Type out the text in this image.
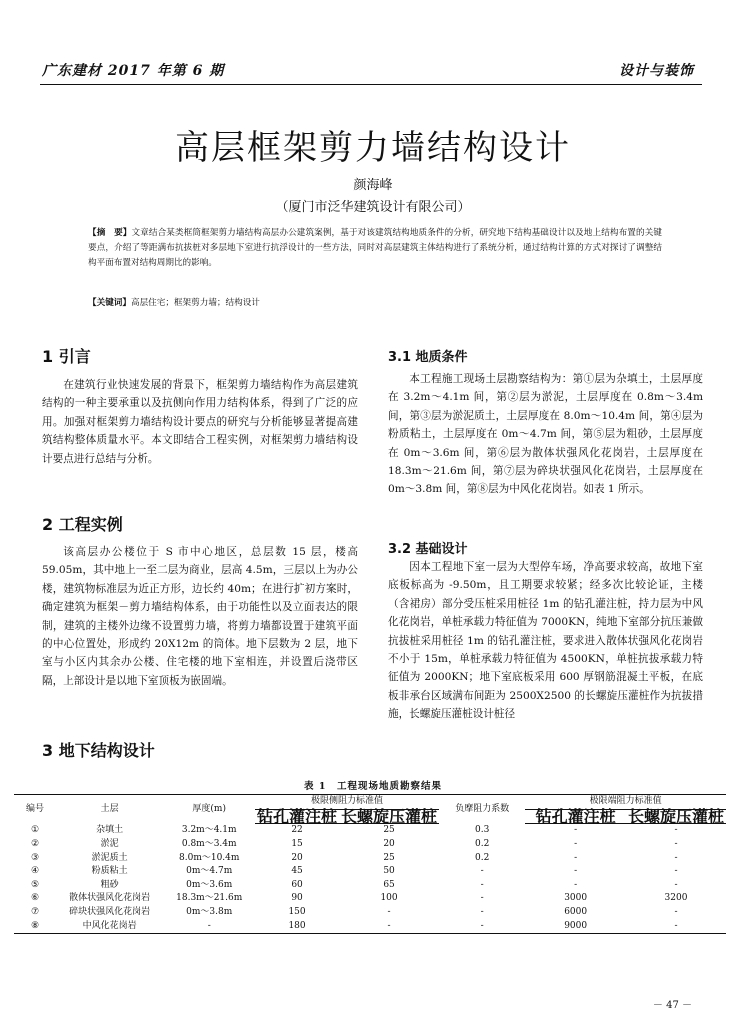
广东建材 2017 年第 6 期	设计与装饰
高层框架剪力墙结构设计
颜海峰
（厦门市泛华建筑设计有限公司）
【摘　要】文章结合某类框筒框架剪力墙结构高层办公建筑案例，基于对该建筑结构地质条件的分析，研究地下结构基础设计以及地上结构布置的关键要点，介绍了等距满布抗拔桩对多层地下室进行抗浮设计的一些方法，同时对高层建筑主体结构进行了系统分析，通过结构计算的方式对探讨了调整结构平面布置对结构周期比的影响。
【关键词】高层住宅；框架剪力墙；结构设计
1 引言

在建筑行业快速发展的背景下，框架剪力墙结构作为高层建筑结构的一种主要承重以及抗侧向作用力结构体系，得到了广泛的应用。加强对框架剪力墙结构设计要点的研究与分析能够显著提高建筑结构整体质量水平。本文即结合工程实例，对框架剪力墙结构设计要点进行总结与分析。

2 工程实例

该高层办公楼位于 S 市中心地区，总层数 15 层，楼高 59.05m，其中地上一至二层为商业，层高 4.5m，三层以上为办公楼，建筑物标准层为近正方形，边长约 40m；在进行扩初方案时，确定建筑为框架－剪力墙结构体系，由于功能性以及立面表达的限制，建筑的主楼外边缘不设置剪力墙，将剪力墙都设置于建筑平面的中心位置处，形成约 20X12m 的筒体。地下层数为 2 层，地下室与小区内其余办公楼、住宅楼的地下室相连，并设置后浇带区隔，上部设计是以地下室顶板为嵌固端。

3 地下结构设计
3.1 地质条件

本工程施工现场土层勘察结构为：第①层为杂填土，土层厚度在 3.2m～4.1m 间，第②层为淤泥，土层厚度在 0.8m～3.4m 间，第③层为淤泥质土，土层厚度在 8.0m～10.4m 间，第④层为粉质粘土，土层厚度在 0m～4.7m 间，第⑤层为粗砂，土层厚度在 0m～3.6m 间，第⑥层为散体状强风化花岗岩，土层厚度在 18.3m～21.6m 间，第⑦层为碎块状强风化花岗岩，土层厚度在 0m～3.8m 间，第⑧层为中风化花岗岩。如表 1 所示。

3.2 基础设计

因本工程地下室一层为大型停车场，净高要求较高，故地下室底板标高为 -9.50m，且工期要求较紧；经多次比较论证，主楼（含裙房）部分受压桩采用桩径 1m 的钻孔灌注桩，持力层为中风化花岗岩，单桩承载力特征值为 7000KN，纯地下室部分抗压兼做抗拔桩采用桩径 1m 的钻孔灌注桩，要求进入散体状强风化花岗岩不小于 15m，单桩承载力特征值为 4500KN，单桩抗拔承载力特征值为 2000KN；地下室底板采用 600 厚钢筋混凝土平板，在底板非承台区域满布间距为 2500X2500 的长螺旋压灌桩作为抗拔措施，长螺旋压灌桩设计桩径

表 1　工程现场地质勘察结果
编号	土层	厚度(m)	极限侧阻力标准值		负摩阻力系数	极限端阻力标准值	
			钻孔灌注桩	长螺旋压灌桩		钻孔灌注桩	长螺旋压灌桩
①	杂填土	3.2m～4.1m	22	25	0.3	-	-
②	淤泥	0.8m～3.4m	15	20	0.2	-	-
③	淤泥质土	8.0m～10.4m	20	25	0.2	-	-
④	粉质粘土	0m～4.7m	45	50	-	-	-
⑤	粗砂	0m～3.6m	60	65	-	-	-
⑥	散体状强风化花岗岩	18.3m～21.6m	90	100	-	3000	3200
⑦	碎块状强风化花岗岩	0m～3.8m	150	-	-	6000	-
⑧	中风化花岗岩	-	180	-	-	9000	-
－ 47 －
